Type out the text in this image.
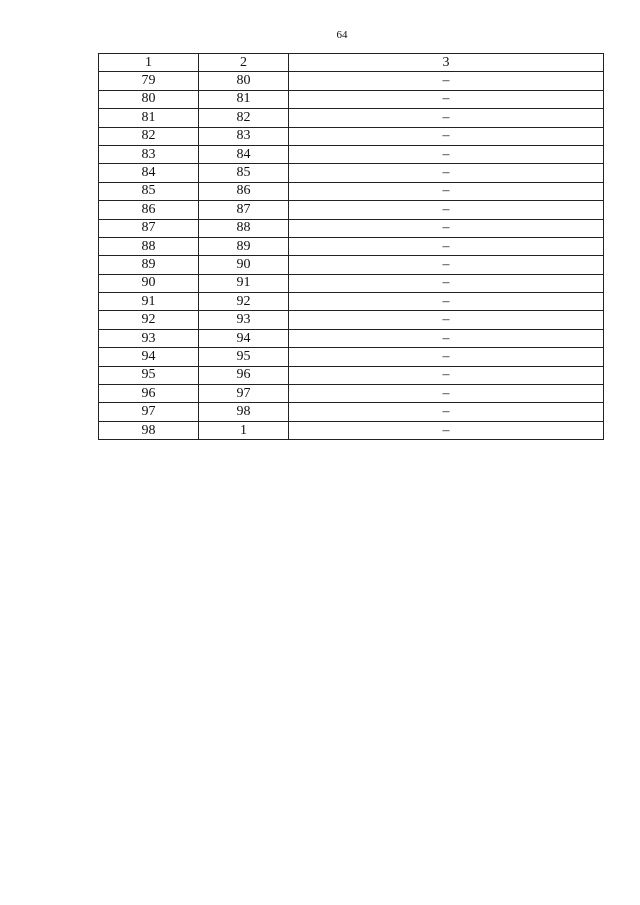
64
1	2	3
79	80	–
80	81	–
81	82	–
82	83	–
83	84	–
84	85	–
85	86	–
86	87	–
87	88	–
88	89	–
89	90	–
90	91	–
91	92	–
92	93	–
93	94	–
94	95	–
95	96	–
96	97	–
97	98	–
98	1	–
